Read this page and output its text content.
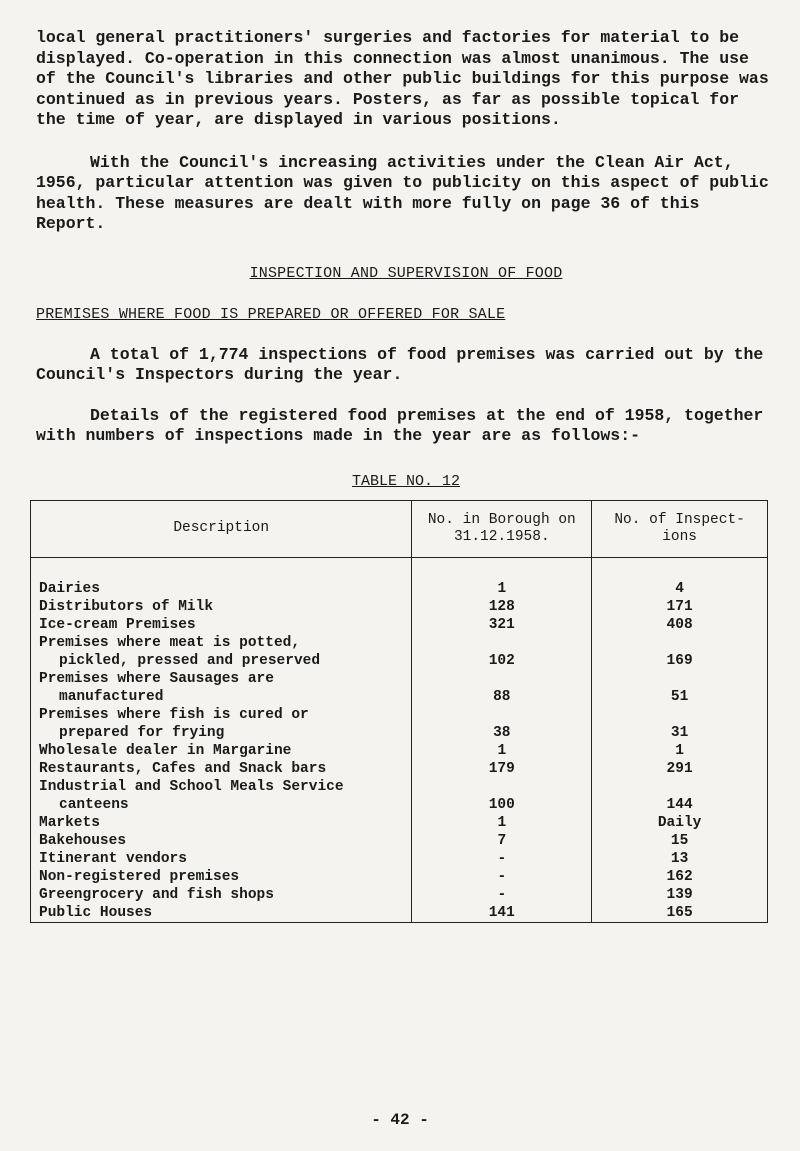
local general practitioners' surgeries and factories for material to be displayed. Co-operation in this connection was almost unanimous. The use of the Council's libraries and other public buildings for this purpose was continued as in previous years. Posters, as far as possible topical for the time of year, are displayed in various positions.

With the Council's increasing activities under the Clean Air Act, 1956, particular attention was given to publicity on this aspect of public health. These measures are dealt with more fully on page 36 of this Report.

INSPECTION AND SUPERVISION OF FOOD
PREMISES WHERE FOOD IS PREPARED OR OFFERED FOR SALE

A total of 1,774 inspections of food premises was carried out by the Council's Inspectors during the year.

Details of the registered food premises at the end of 1958, together with numbers of inspections made in the year are as follows:-

TABLE NO. 12
Description	No. in Borough on 31.12.1958.	No. of Inspect- ions

Dairies	1	4
Distributors of Milk	128	171
Ice-cream Premises	321	408
Premises where meat is potted,
pickled, pressed and preserved	102	169
Premises where Sausages are
manufactured	88	51
Premises where fish is cured or
prepared for frying	38	31
Wholesale dealer in Margarine	1	1
Restaurants, Cafes and Snack bars	179	291
Industrial and School Meals Service
canteens	100	144
Markets	1	Daily
Bakehouses	7	15
Itinerant vendors	-	13
Non-registered premises	-	162
Greengrocery and fish shops	-	139
Public Houses	141	165
- 42 -
